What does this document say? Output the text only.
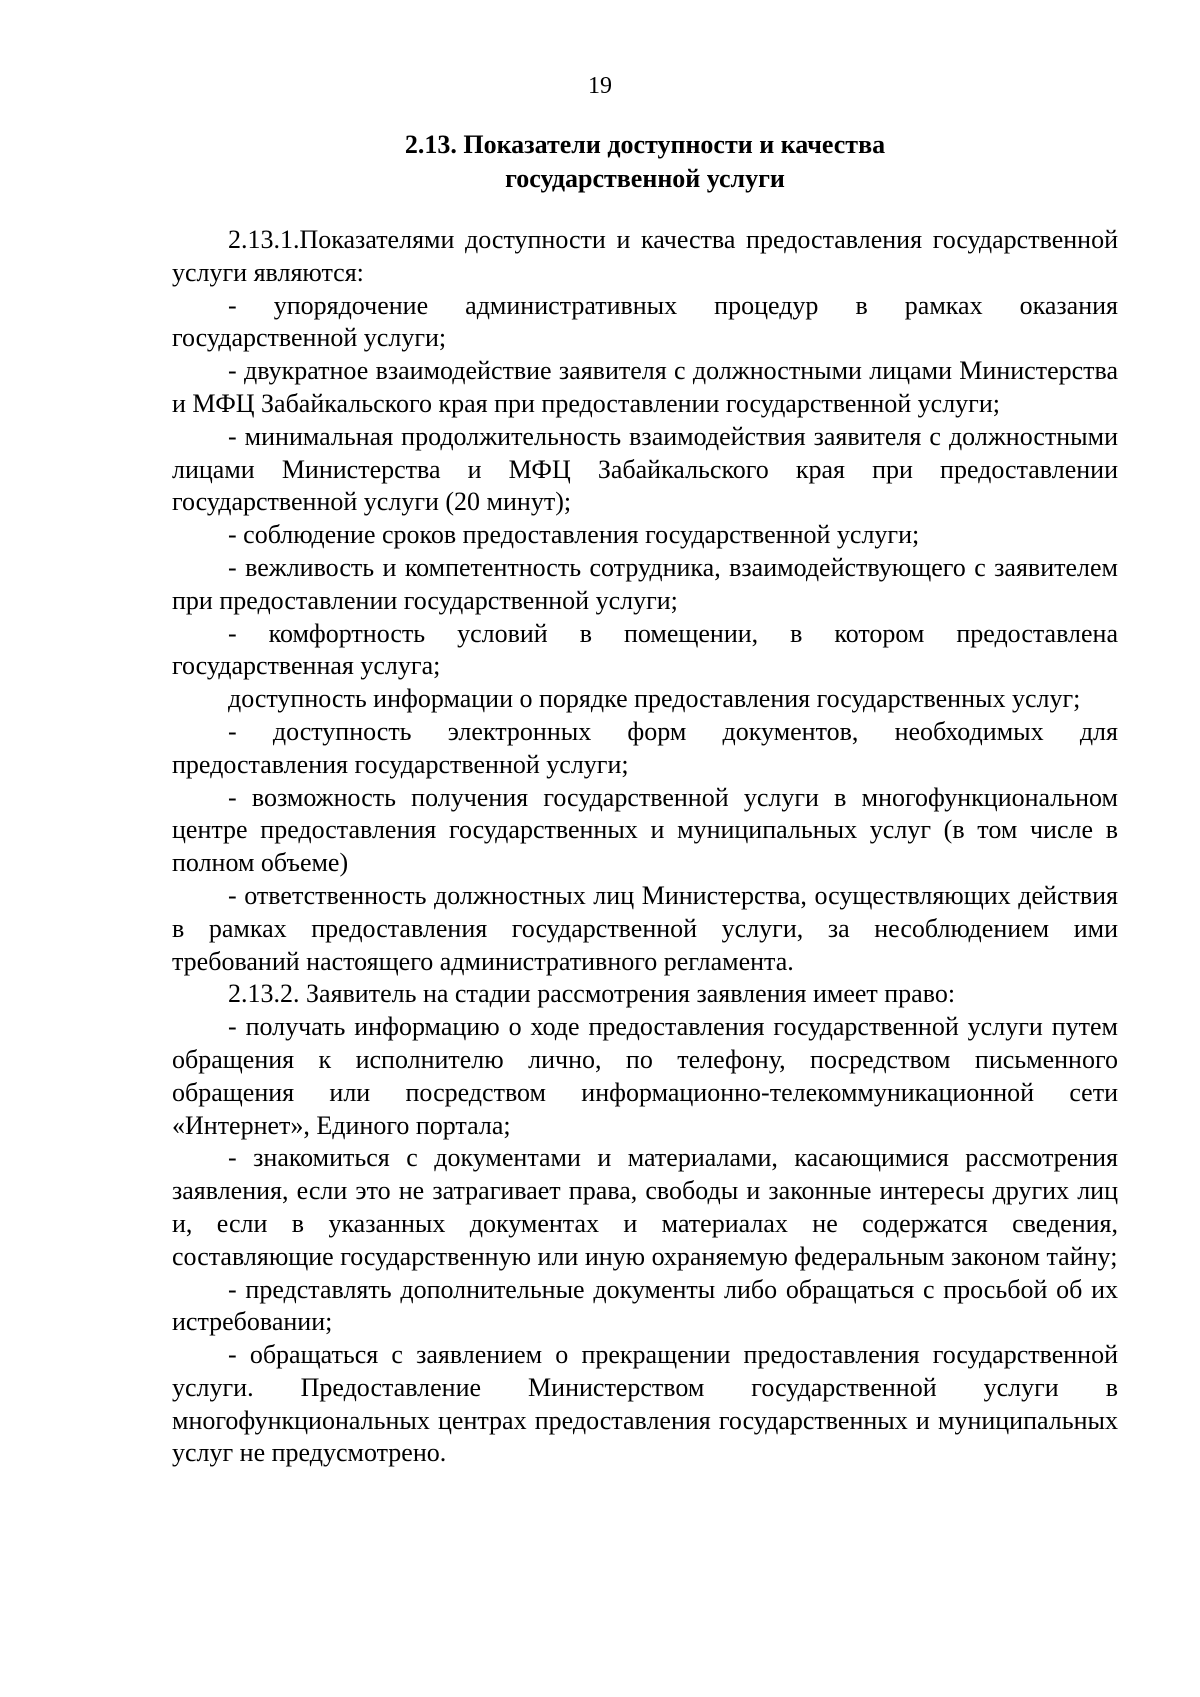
19
2.13. Показатели доступности и качества
государственной услуги

2.13.1.Показателями доступности и качества предоставления государственной услуги являются:

- упорядочение административных процедур в рамках оказания государственной услуги;

- двукратное взаимодействие заявителя с должностными лицами Министерства и МФЦ Забайкальского края при предоставлении государственной услуги;

- минимальная продолжительность взаимодействия заявителя с должностными лицами Министерства и МФЦ Забайкальского края при предоставлении государственной услуги (20 минут);

- соблюдение сроков предоставления государственной услуги;

- вежливость и компетентность сотрудника, взаимодействующего с заявителем при предоставлении государственной услуги;

- комфортность условий в помещении, в котором предоставлена государственная услуга;

доступность информации о порядке предоставления государственных услуг;

- доступность электронных форм документов, необходимых для предоставления государственной услуги;

- возможность получения государственной услуги в многофункциональном центре предоставления государственных и муниципальных услуг (в том числе в полном объеме)

- ответственность должностных лиц Министерства, осуществляющих действия в рамках предоставления государственной услуги, за несоблюдением ими требований настоящего административного регламента.

2.13.2. Заявитель на стадии рассмотрения заявления имеет право:

- получать информацию о ходе предоставления государственной услуги путем обращения к исполнителю лично, по телефону, посредством письменного обращения или посредством информационно-телекоммуникационной сети «Интернет», Единого портала;

- знакомиться с документами и материалами, касающимися рассмотрения заявления, если это не затрагивает права, свободы и законные интересы других лиц и, если в указанных документах и материалах не содержатся сведения, составляющие государственную или иную охраняемую федеральным законом тайну;

- представлять дополнительные документы либо обращаться с просьбой об их истребовании;

- обращаться с заявлением о прекращении предоставления государственной услуги. Предоставление Министерством государственной услуги в многофункциональных центрах предоставления государственных и муниципальных услуг не предусмотрено.
